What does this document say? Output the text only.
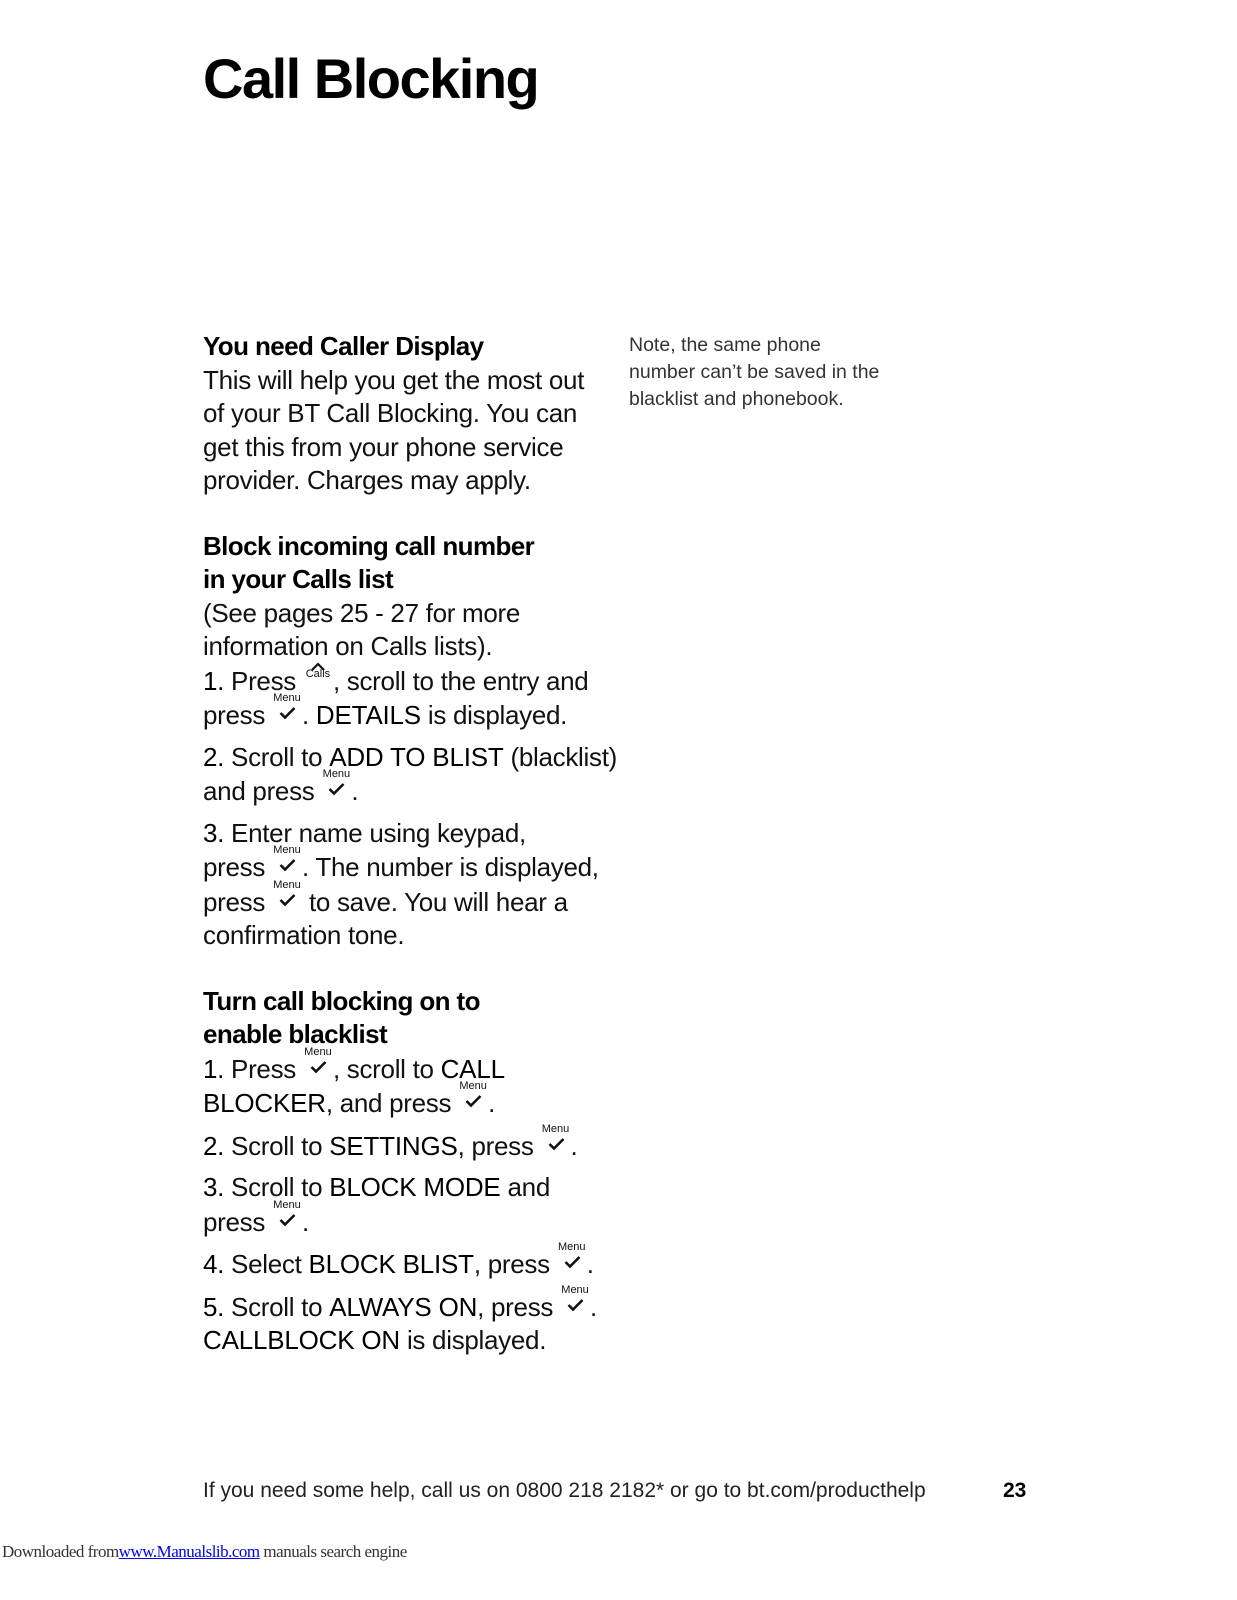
Call Blocking
You need Caller Display
This will help you get the most out
of your BT Call Blocking. You can
get this from your phone service
provider. Charges may apply.
Block incoming call number
in your Calls list
(See pages 25 - 27 for more
information on Calls lists).
1. Press Calls , scroll to the entry and
press
Menu
. DETAILS is displayed.
2. Scroll to ADD TO BLIST (blacklist)
and press
Menu
.
3. Enter name using keypad,
press
Menu
. The number is displayed,
press
Menu
to save. You will hear a
confirmation tone.
Turn call blocking on to
enable blacklist
1. Press
Menu
, scroll to CALL
BLOCKER, and press
Menu
.
2. Scroll to SETTINGS, press
Menu
.
3. Scroll to BLOCK MODE and
press
Menu
.
4. Select BLOCK BLIST, press
Menu
.
5. Scroll to ALWAYS ON, press
Menu
.
CALLBLOCK ON is displayed.
Note, the same phone
number can’t be saved in the
blacklist and phonebook.
If you need some help, call us on 0800 218 2182* or go to bt.com/producthelp	23
Downloaded fromwww.Manualslib.com manuals search engine
